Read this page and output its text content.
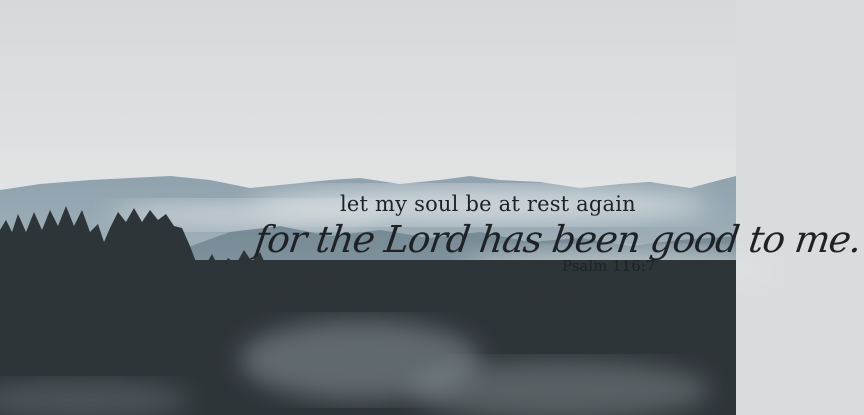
let my soul be at rest again
for the Lord has been good to me.
Psalm 116:7
